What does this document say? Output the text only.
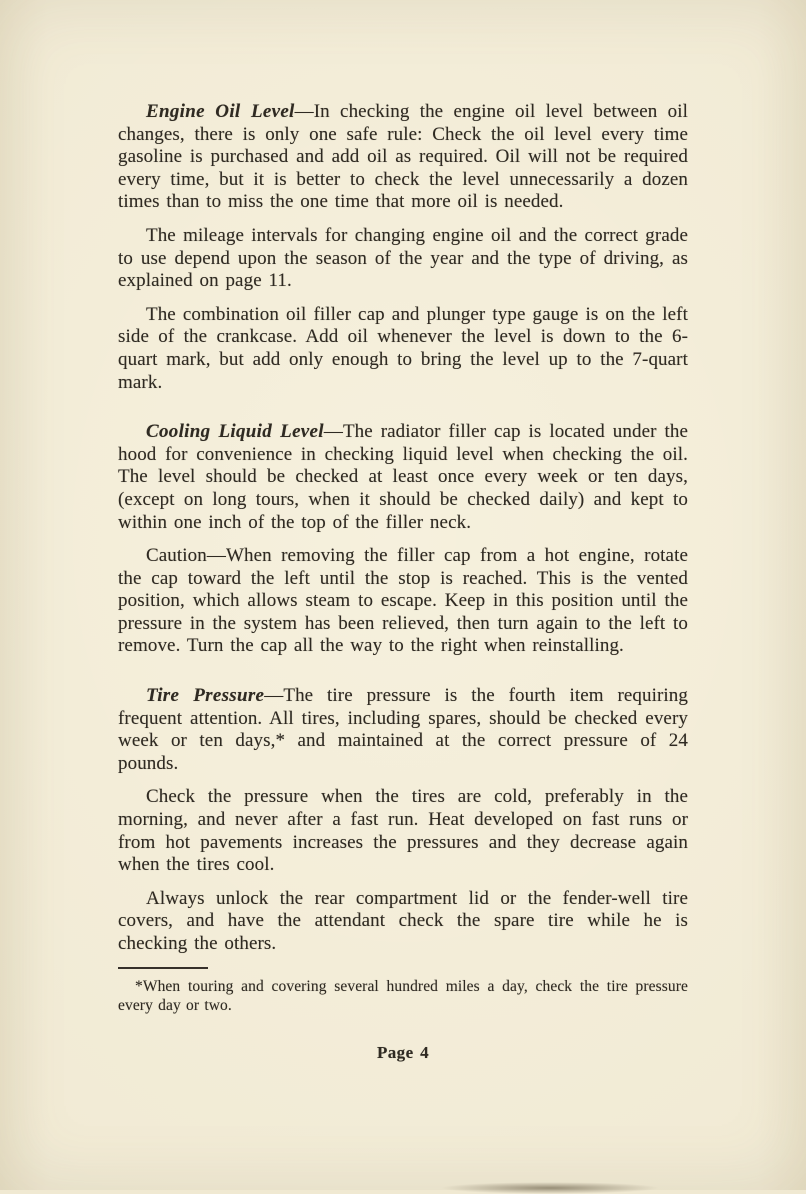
Engine Oil Level—In checking the engine oil level between oil changes, there is only one safe rule: Check the oil level every time gasoline is purchased and add oil as required. Oil will not be required every time, but it is better to check the level unnecessarily a dozen times than to miss the one time that more oil is needed.

The mileage intervals for changing engine oil and the correct grade to use depend upon the season of the year and the type of driving, as explained on page 11.

The combination oil filler cap and plunger type gauge is on the left side of the crankcase. Add oil whenever the level is down to the 6-quart mark, but add only enough to bring the level up to the 7-quart mark.

Cooling Liquid Level—The radiator filler cap is located under the hood for convenience in checking liquid level when checking the oil. The level should be checked at least once every week or ten days, (except on long tours, when it should be checked daily) and kept to within one inch of the top of the filler neck.

Caution—When removing the filler cap from a hot engine, rotate the cap toward the left until the stop is reached. This is the vented position, which allows steam to escape. Keep in this position until the pressure in the system has been relieved, then turn again to the left to remove. Turn the cap all the way to the right when reinstalling.

Tire Pressure—The tire pressure is the fourth item requiring frequent attention. All tires, including spares, should be checked every week or ten days,* and maintained at the correct pressure of 24 pounds.

Check the pressure when the tires are cold, preferably in the morning, and never after a fast run. Heat developed on fast runs or from hot pavements increases the pressures and they decrease again when the tires cool.

Always unlock the rear compartment lid or the fender-well tire covers, and have the attendant check the spare tire while he is checking the others.

*When touring and covering several hundred miles a day, check the tire pressure every day or two.

Page 4
